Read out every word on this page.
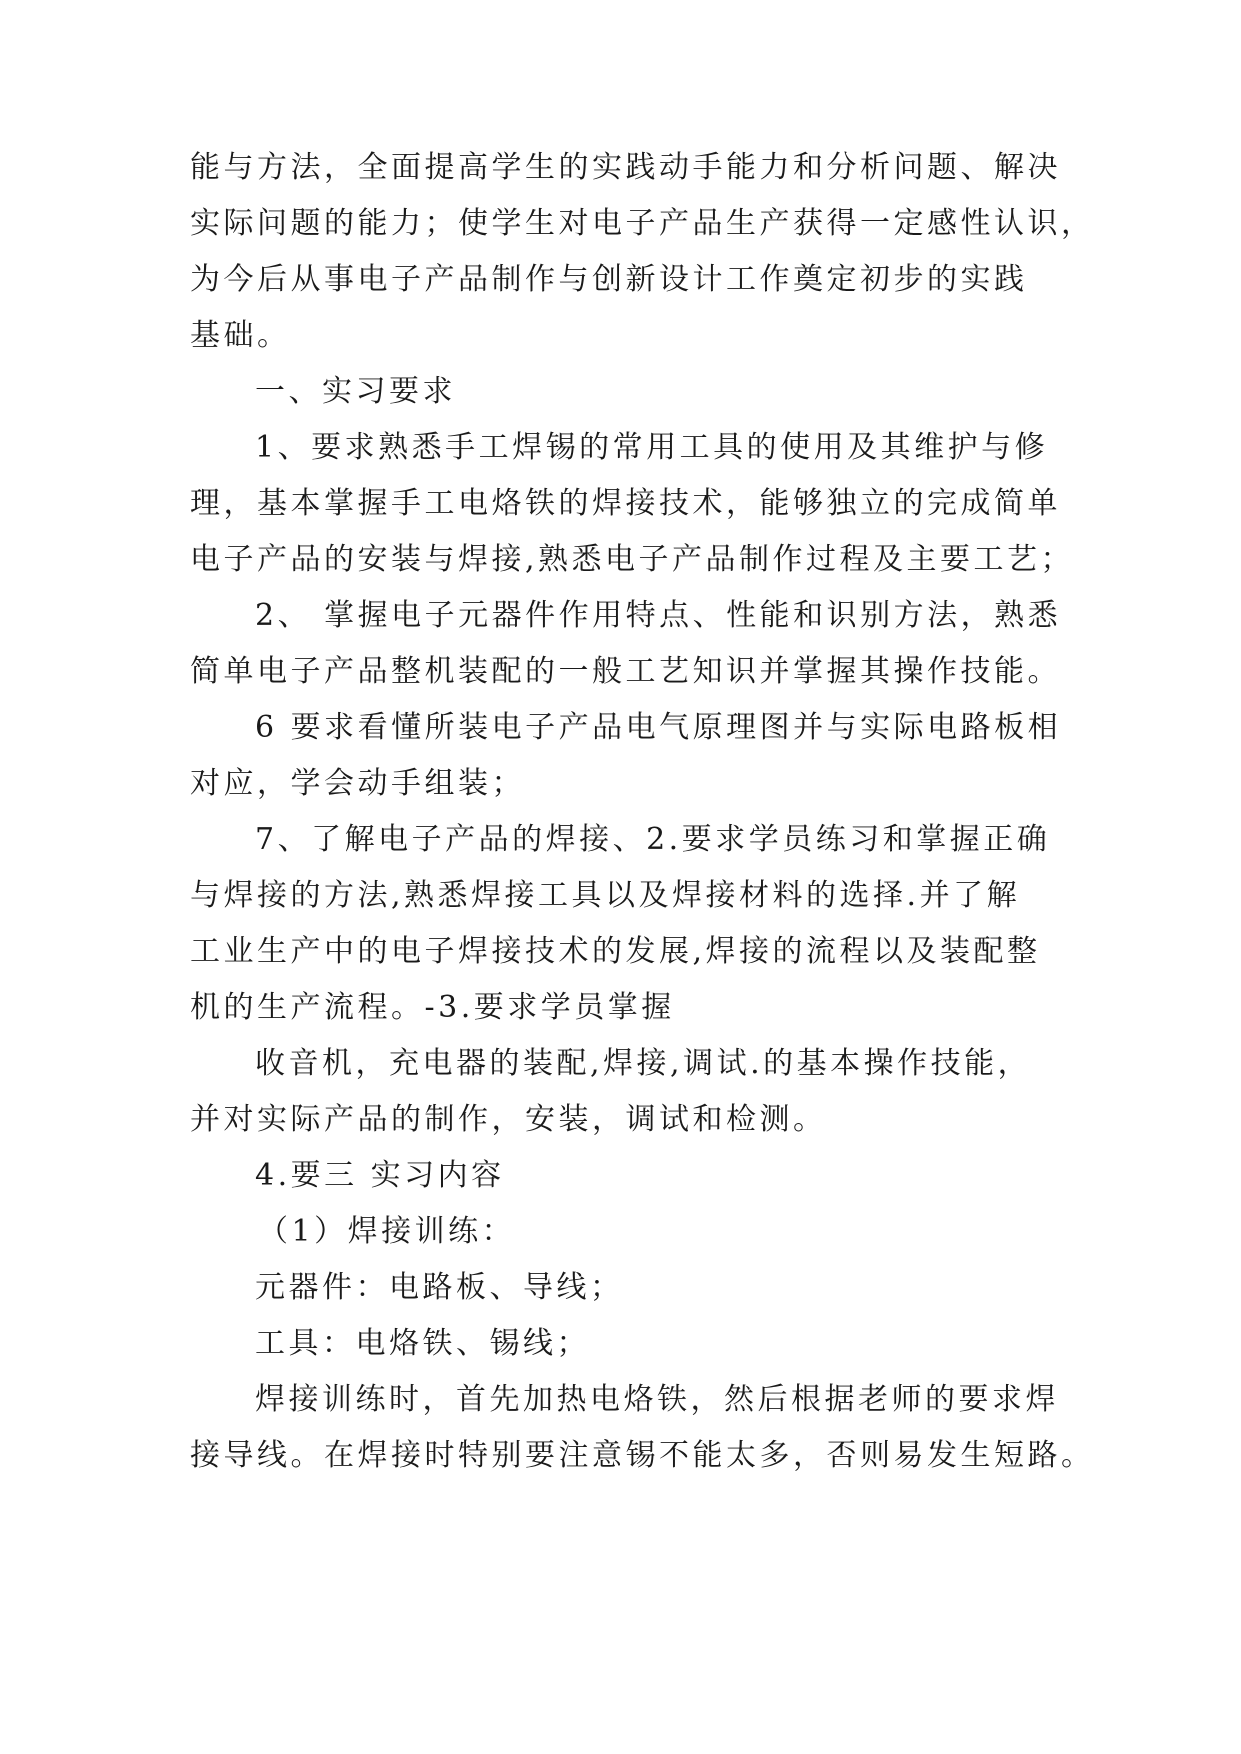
能与方法，全面提高学生的实践动手能力和分析问题、解决
实际问题的能力；使学生对电子产品生产获得一定感性认识，
为今后从事电子产品制作与创新设计工作奠定初步的实践
基础。
一、实习要求
1、要求熟悉手工焊锡的常用工具的使用及其维护与修
理，基本掌握手工电烙铁的焊接技术，能够独立的完成简单
电子产品的安装与焊接,熟悉电子产品制作过程及主要工艺；
2、 掌握电子元器件作用特点、性能和识别方法，熟悉
简单电子产品整机装配的一般工艺知识并掌握其操作技能。
6 要求看懂所装电子产品电气原理图并与实际电路板相
对应，学会动手组装；
7、了解电子产品的焊接、2.要求学员练习和掌握正确
与焊接的方法,熟悉焊接工具以及焊接材料的选择.并了解
工业生产中的电子焊接技术的发展,焊接的流程以及装配整
机的生产流程。-3.要求学员掌握
收音机，充电器的装配,焊接,调试.的基本操作技能，
并对实际产品的制作，安装，调试和检测。
4.要三 实习内容
（1）焊接训练：
元器件：电路板、导线；
工具：电烙铁、锡线；
焊接训练时，首先加热电烙铁，然后根据老师的要求焊
接导线。在焊接时特别要注意锡不能太多，否则易发生短路。
